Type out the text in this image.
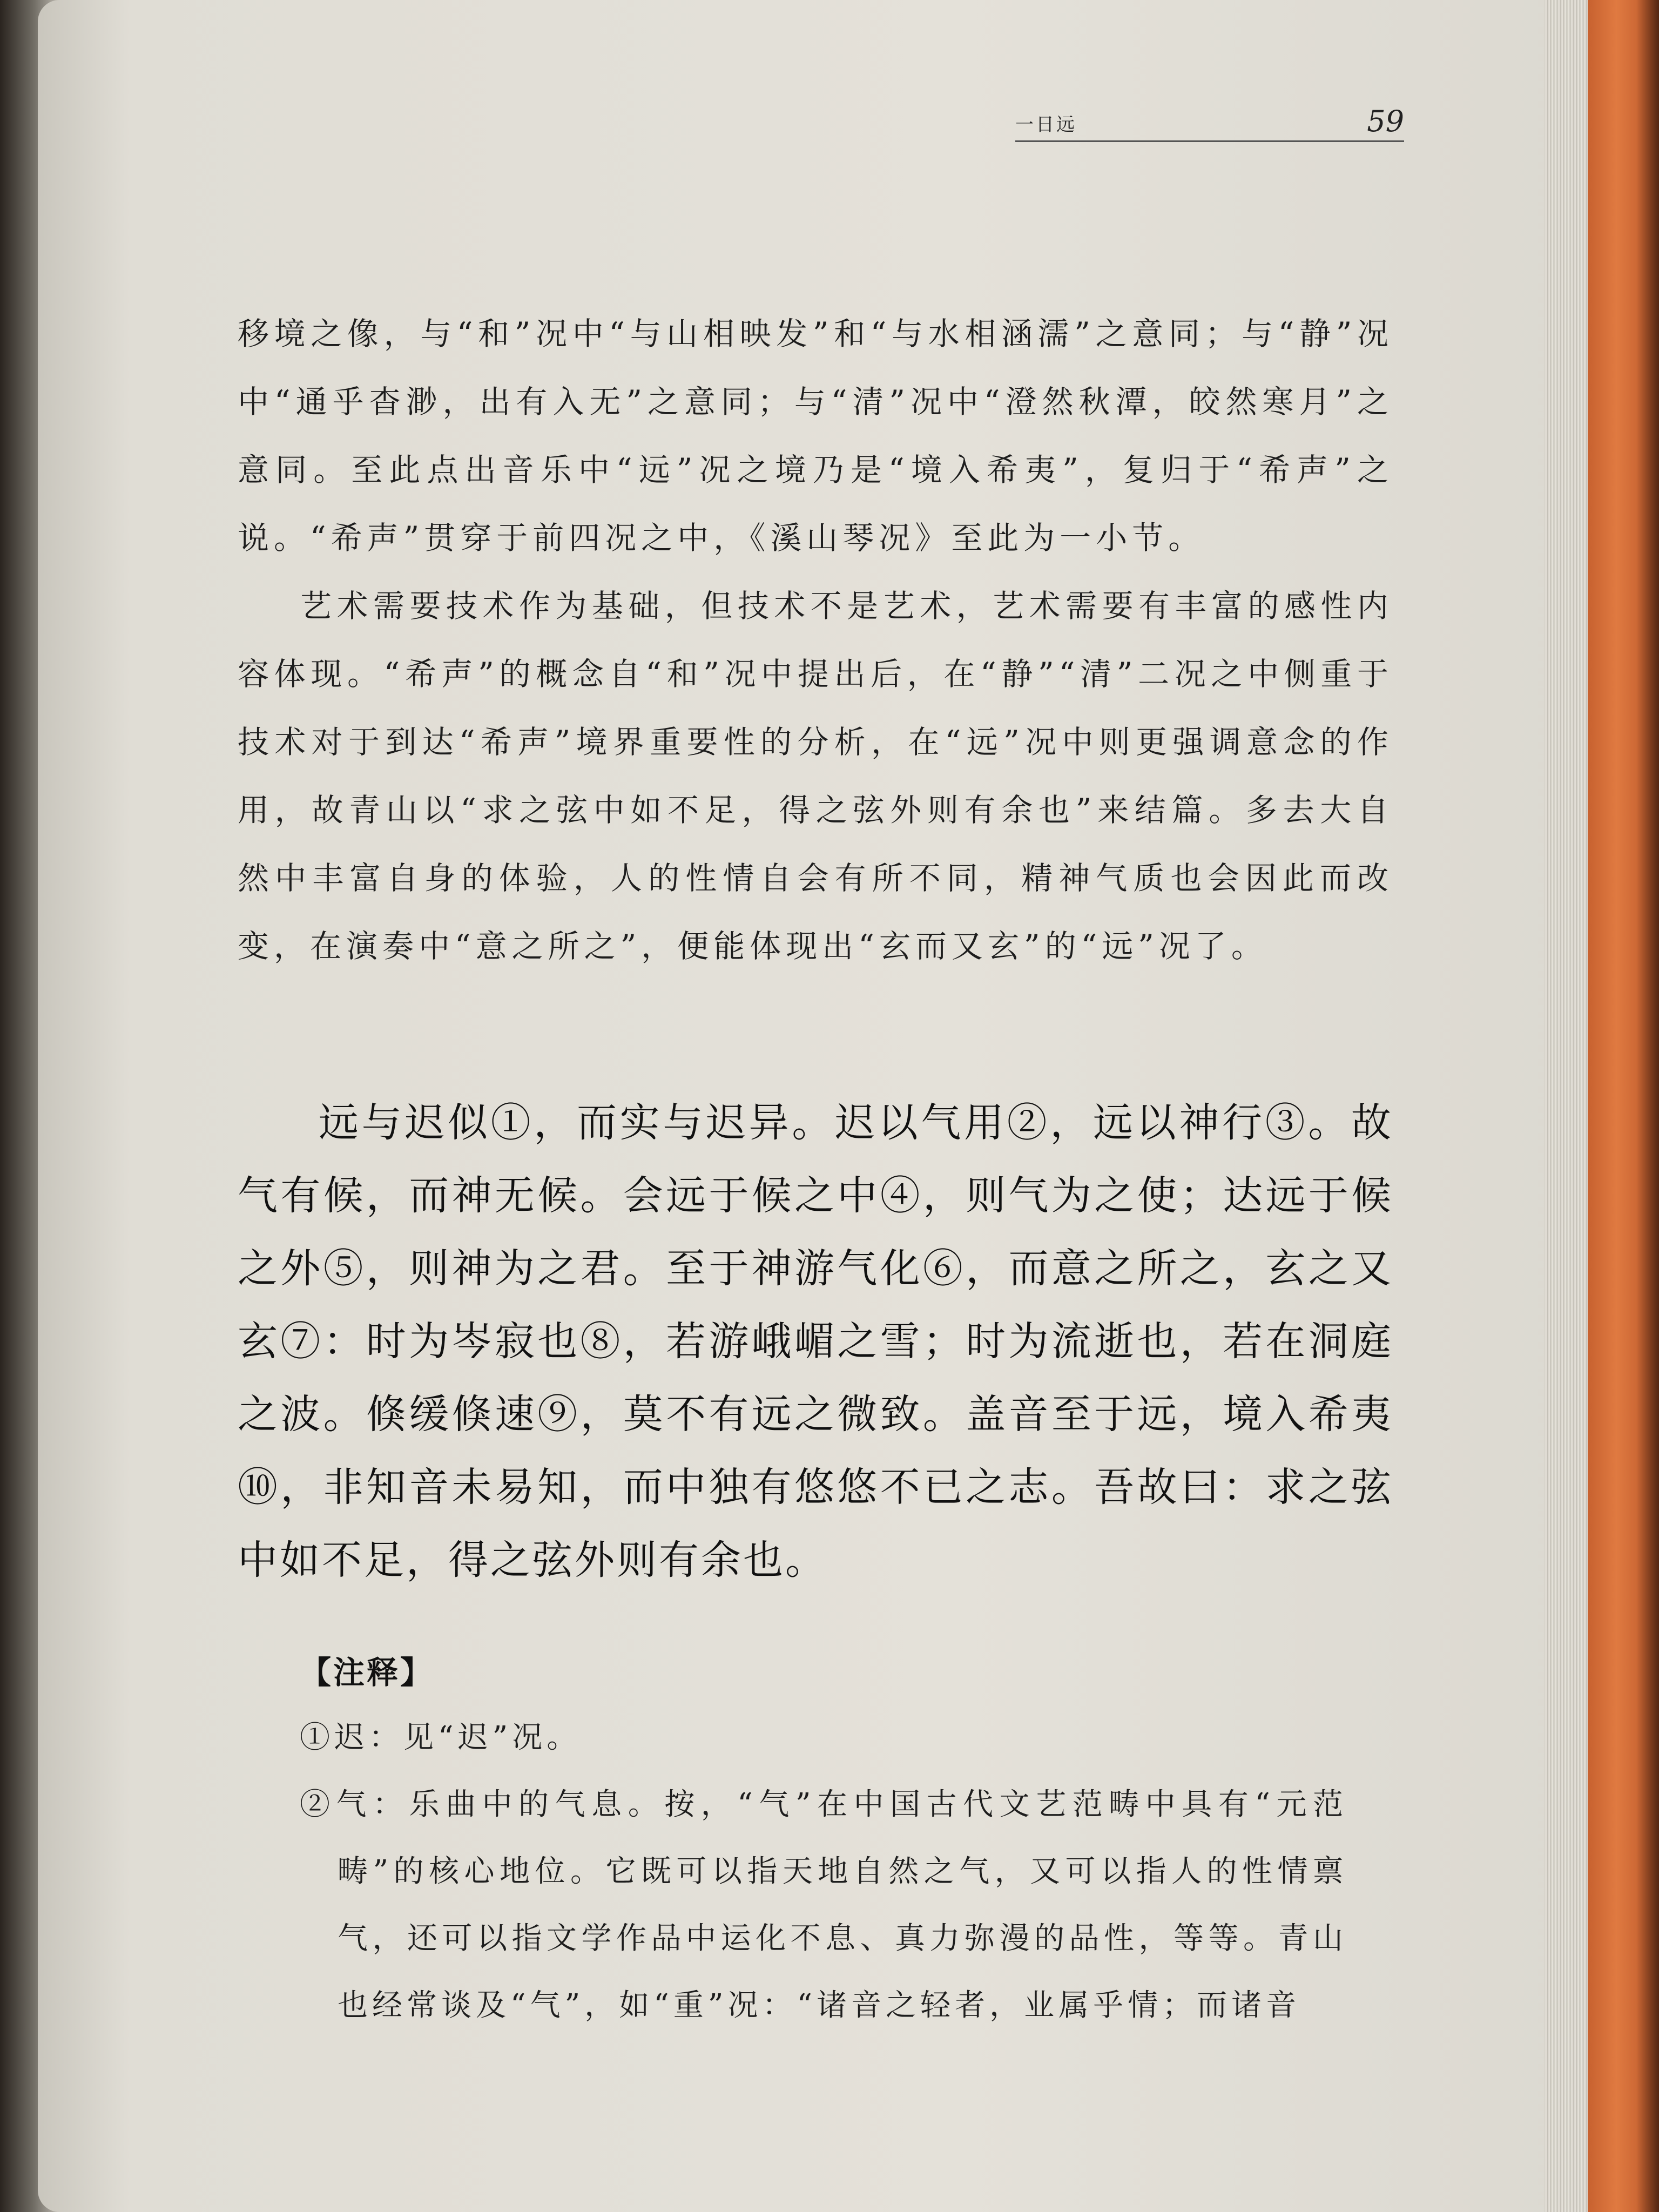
一日远	59

移境之像，与“和”况中“与山相映发”和“与水相涵濡”之意同；与“静”况中“通乎杳渺，出有入无”之意同；与“清”况中“澄然秋潭，皎然寒月”之意同。至此点出音乐中“远”况之境乃是“境入希夷”，复归于“希声”之说。“希声”贯穿于前四况之中，《溪山琴况》至此为一小节。

艺术需要技术作为基础，但技术不是艺术，艺术需要有丰富的感性内容体现。“希声”的概念自“和”况中提出后，在“静”“清”二况之中侧重于技术对于到达“希声”境界重要性的分析，在“远”况中则更强调意念的作用，故青山以“求之弦中如不足，得之弦外则有余也”来结篇。多去大自然中丰富自身的体验，人的性情自会有所不同，精神气质也会因此而改变，在演奏中“意之所之”，便能体现出“玄而又玄”的“远”况了。

远与迟似①，而实与迟异。迟以气用②，远以神行③。故气有候，而神无候。会远于候之中④，则气为之使；达远于候之外⑤，则神为之君。至于神游气化⑥，而意之所之，玄之又玄⑦：时为岑寂也⑧，若游峨嵋之雪；时为流逝也，若在洞庭之波。倏缓倏速⑨，莫不有远之微致。盖音至于远，境入希夷⑩，非知音未易知，而中独有悠悠不已之志。吾故曰：求之弦中如不足，得之弦外则有余也。

【注释】

①迟：见“迟”况。

②气：乐曲中的气息。按，“气”在中国古代文艺范畴中具有“元范畴”的核心地位。它既可以指天地自然之气，又可以指人的性情禀气，还可以指文学作品中运化不息、真力弥漫的品性，等等。青山也经常谈及“气”，如“重”况：“诸音之轻者，业属乎情；而诸音
